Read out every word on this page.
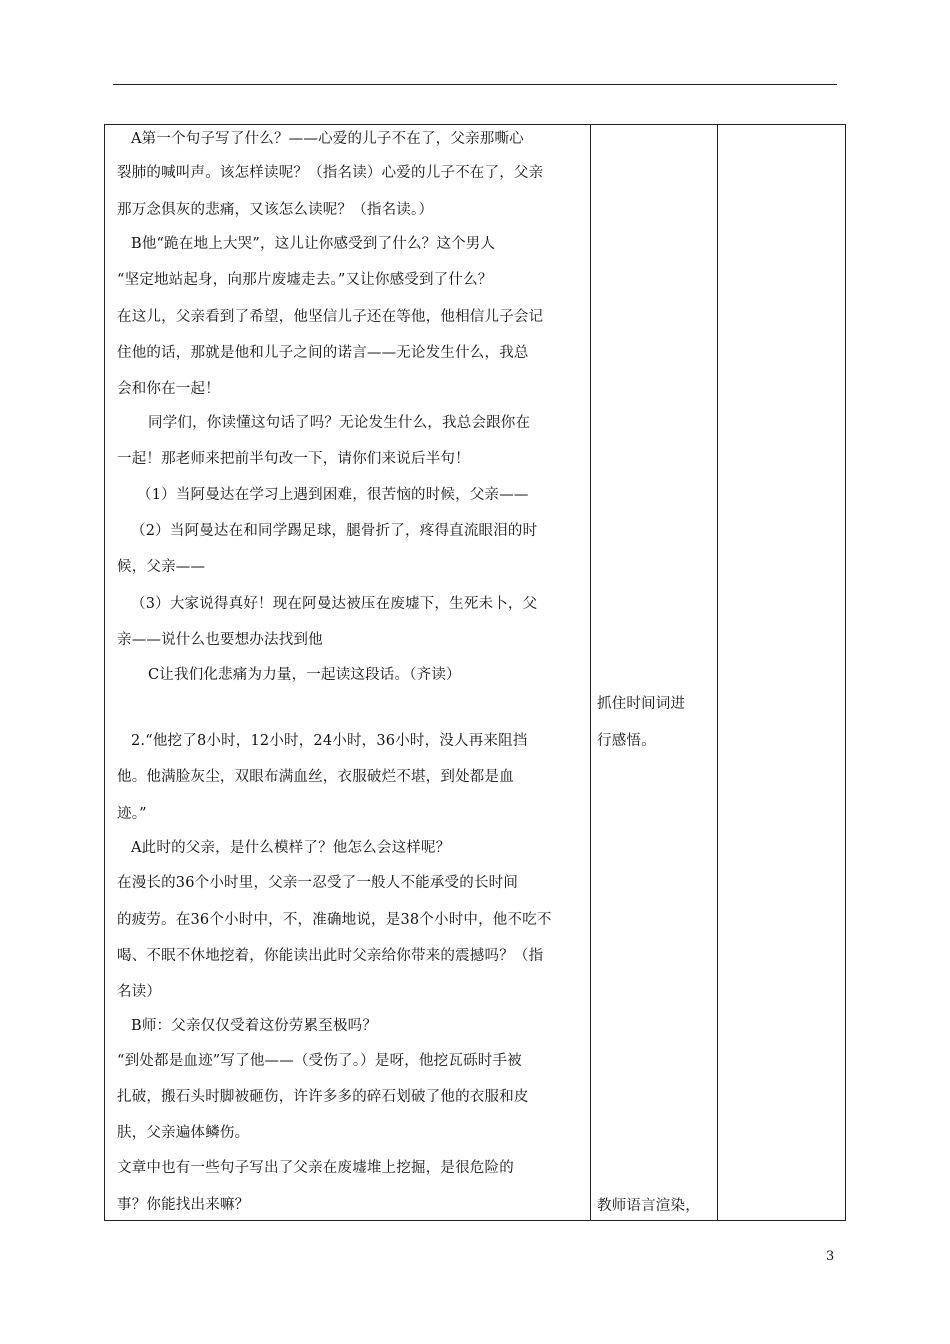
A第一个句子写了什么？——心爱的儿子不在了，父亲那嘶心
裂肺的喊叫声。该怎样读呢？（指名读）心爱的儿子不在了，父亲
那万念俱灰的悲痛，又该怎么读呢？（指名读。）
B他“跪在地上大哭”，这儿让你感受到了什么？这个男人
“坚定地站起身，向那片废墟走去。”又让你感受到了什么？
在这儿，父亲看到了希望，他坚信儿子还在等他，他相信儿子会记
住他的话，那就是他和儿子之间的诺言——无论发生什么，我总
会和你在一起！
同学们，你读懂这句话了吗？无论发生什么，我总会跟你在
一起！那老师来把前半句改一下，请你们来说后半句！
（1）当阿曼达在学习上遇到困难，很苦恼的时候，父亲——
（2）当阿曼达在和同学踢足球，腿骨折了，疼得直流眼泪的时
候，父亲——
（3）大家说得真好！现在阿曼达被压在废墟下，生死未卜，父
亲——说什么也要想办法找到他
C让我们化悲痛为力量，一起读这段话。（齐读）
2.“他挖了8小时，12小时，24小时，36小时，没人再来阻挡
他。他满脸灰尘，双眼布满血丝，衣服破烂不堪，到处都是血
迹。”
A此时的父亲，是什么模样了？他怎么会这样呢？
在漫长的36个小时里，父亲一忍受了一般人不能承受的长时间
的疲劳。在36个小时中，不，准确地说，是38个小时中，他不吃不
喝、不眠不休地挖着，你能读出此时父亲给你带来的震撼吗？（指
名读）
B师：父亲仅仅受着这份劳累至极吗？
“到处都是血迹”写了他——（受伤了。）是呀，他挖瓦砾时手被
扎破，搬石头时脚被砸伤，许许多多的碎石划破了他的衣服和皮
肤，父亲遍体鳞伤。
文章中也有一些句子写出了父亲在废墟堆上挖掘，是很危险的
事？你能找出来嘛？
抓住时间词进
行感悟。
教师语言渲染，
3
